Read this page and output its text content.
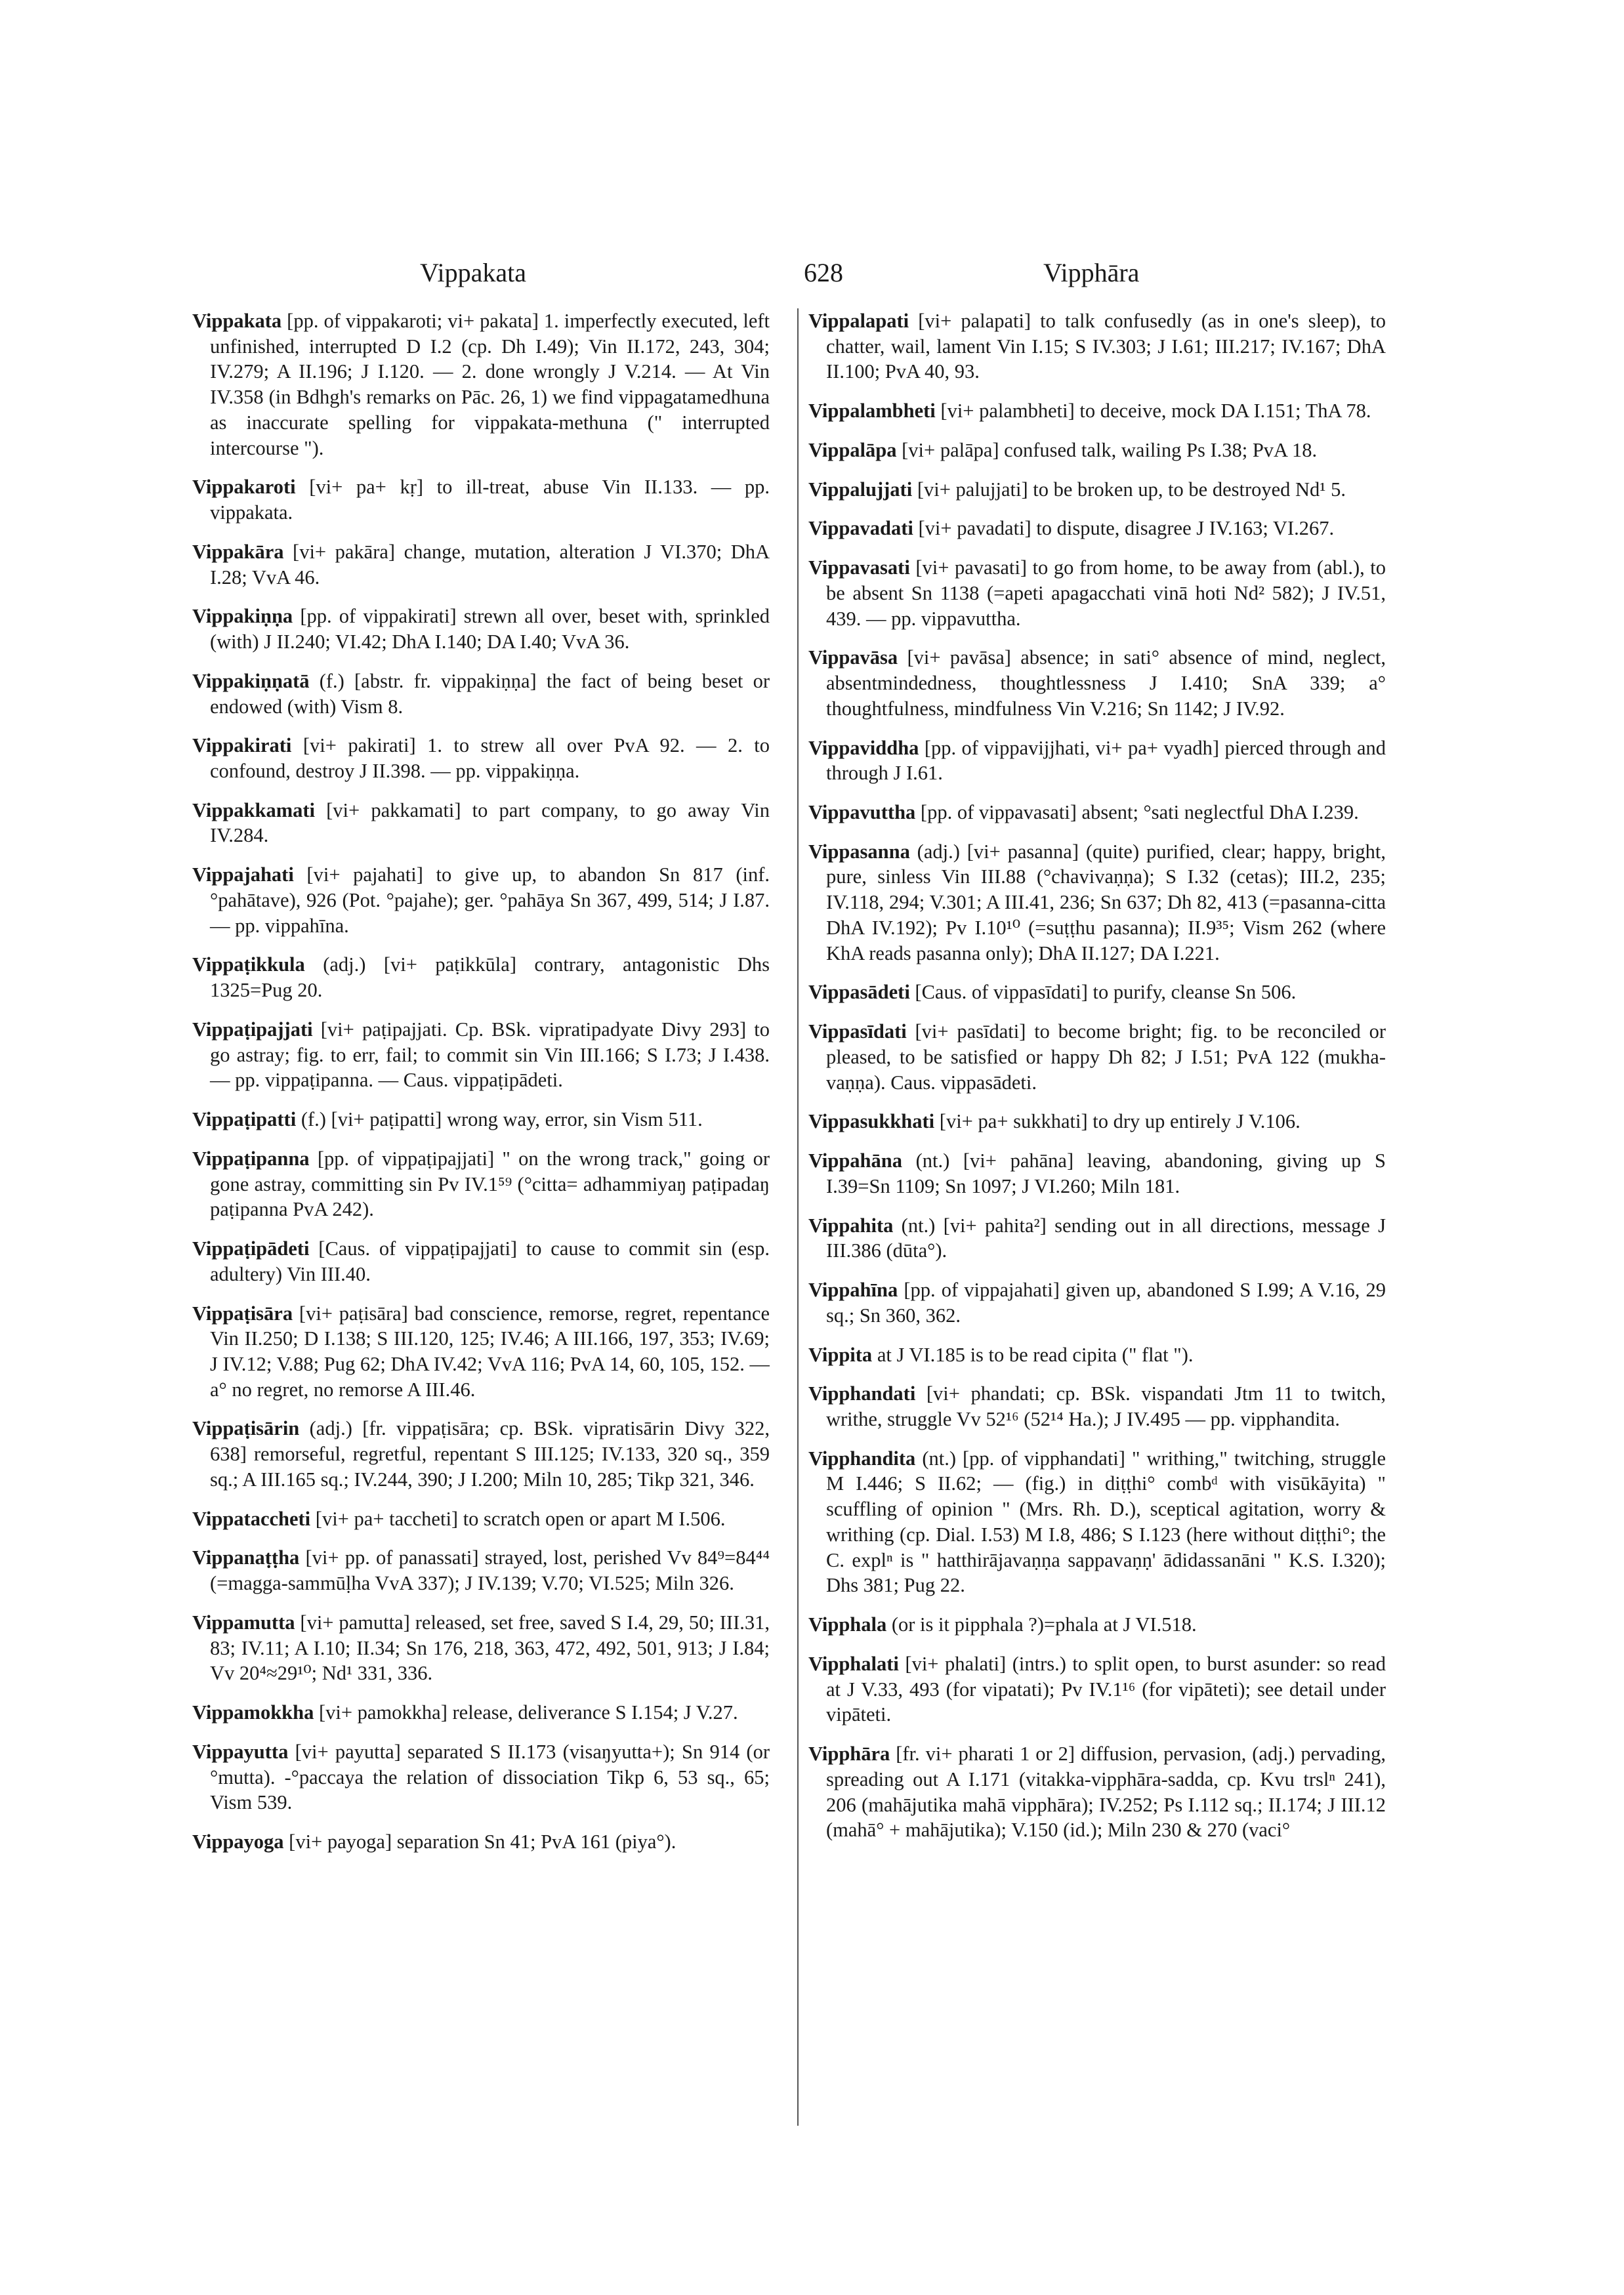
Vippakata	628	Vipphāra

Vippakata [pp. of vippakaroti; vi+ pakata] 1. imperfectly executed, left unfinished, interrupted D I.2 (cp. Dh I.49); Vin II.172, 243, 304; IV.279; A II.196; J I.120. — 2. done wrongly J V.214. — At Vin IV.358 (in Bdhgh's remarks on Pāc. 26, 1) we find vippagatamedhuna as inaccurate spelling for vippakata-methuna (" interrupted intercourse ").

Vippakaroti [vi+ pa+ kṛ] to ill-treat, abuse Vin II.133. — pp. vippakata.

Vippakāra [vi+ pakāra] change, mutation, alteration J VI.370; DhA I.28; VvA 46.

Vippakiṇṇa [pp. of vippakirati] strewn all over, beset with, sprinkled (with) J II.240; VI.42; DhA I.140; DA I.40; VvA 36.

Vippakiṇṇatā (f.) [abstr. fr. vippakiṇṇa] the fact of being beset or endowed (with) Vism 8.

Vippakirati [vi+ pakirati] 1. to strew all over PvA 92. — 2. to confound, destroy J II.398. — pp. vippakiṇṇa.

Vippakkamati [vi+ pakkamati] to part company, to go away Vin IV.284.

Vippajahati [vi+ pajahati] to give up, to abandon Sn 817 (inf. °pahātave), 926 (Pot. °pajahe); ger. °pahāya Sn 367, 499, 514; J I.87. — pp. vippahīna.

Vippaṭikkula (adj.) [vi+ paṭikkūla] contrary, antagonistic Dhs 1325=Pug 20.

Vippaṭipajjati [vi+ paṭipajjati. Cp. BSk. vipratipadyate Divy 293] to go astray; fig. to err, fail; to commit sin Vin III.166; S I.73; J I.438. — pp. vippaṭipanna. — Caus. vippaṭipādeti.

Vippaṭipatti (f.) [vi+ paṭipatti] wrong way, error, sin Vism 511.

Vippaṭipanna [pp. of vippaṭipajjati] " on the wrong track," going or gone astray, committing sin Pv IV.1⁵⁹ (°citta= adhammiyaŋ paṭipadaŋ paṭipanna PvA 242).

Vippaṭipādeti [Caus. of vippaṭipajjati] to cause to commit sin (esp. adultery) Vin III.40.

Vippaṭisāra [vi+ paṭisāra] bad conscience, remorse, regret, repentance Vin II.250; D I.138; S III.120, 125; IV.46; A III.166, 197, 353; IV.69; J IV.12; V.88; Pug 62; DhA IV.42; VvA 116; PvA 14, 60, 105, 152. — a° no regret, no remorse A III.46.

Vippaṭisārin (adj.) [fr. vippaṭisāra; cp. BSk. vipratisārin Divy 322, 638] remorseful, regretful, repentant S III.125; IV.133, 320 sq., 359 sq.; A III.165 sq.; IV.244, 390; J I.200; Miln 10, 285; Tikp 321, 346.

Vippataccheti [vi+ pa+ taccheti] to scratch open or apart M I.506.

Vippanaṭṭha [vi+ pp. of panassati] strayed, lost, perished Vv 84⁹=84⁴⁴ (=magga-sammūḷha VvA 337); J IV.139; V.70; VI.525; Miln 326.

Vippamutta [vi+ pamutta] released, set free, saved S I.4, 29, 50; III.31, 83; IV.11; A I.10; II.34; Sn 176, 218, 363, 472, 492, 501, 913; J I.84; Vv 20⁴≈29¹⁰; Nd¹ 331, 336.

Vippamokkha [vi+ pamokkha] release, deliverance S I.154; J V.27.

Vippayutta [vi+ payutta] separated S II.173 (visaŋyutta+); Sn 914 (or °mutta). -°paccaya the relation of dissociation Tikp 6, 53 sq., 65; Vism 539.

Vippayoga [vi+ payoga] separation Sn 41; PvA 161 (piya°).

Vippalapati [vi+ palapati] to talk confusedly (as in one's sleep), to chatter, wail, lament Vin I.15; S IV.303; J I.61; III.217; IV.167; DhA II.100; PvA 40, 93.

Vippalambheti [vi+ palambheti] to deceive, mock DA I.151; ThA 78.

Vippalāpa [vi+ palāpa] confused talk, wailing Ps I.38; PvA 18.

Vippalujjati [vi+ palujjati] to be broken up, to be destroyed Nd¹ 5.

Vippavadati [vi+ pavadati] to dispute, disagree J IV.163; VI.267.

Vippavasati [vi+ pavasati] to go from home, to be away from (abl.), to be absent Sn 1138 (=apeti apagacchati vinā hoti Nd² 582); J IV.51, 439. — pp. vippavuttha.

Vippavāsa [vi+ pavāsa] absence; in sati° absence of mind, neglect, absentmindedness, thoughtlessness J I.410; SnA 339; a° thoughtfulness, mindfulness Vin V.216; Sn 1142; J IV.92.

Vippaviddha [pp. of vippavijjhati, vi+ pa+ vyadh] pierced through and through J I.61.

Vippavuttha [pp. of vippavasati] absent; °sati neglectful DhA I.239.

Vippasanna (adj.) [vi+ pasanna] (quite) purified, clear; happy, bright, pure, sinless Vin III.88 (°chavivaṇṇa); S I.32 (cetas); III.2, 235; IV.118, 294; V.301; A III.41, 236; Sn 637; Dh 82, 413 (=pasanna-citta DhA IV.192); Pv I.10¹⁰ (=suṭṭhu pasanna); II.9³⁵; Vism 262 (where KhA reads pasanna only); DhA II.127; DA I.221.

Vippasādeti [Caus. of vippasīdati] to purify, cleanse Sn 506.

Vippasīdati [vi+ pasīdati] to become bright; fig. to be reconciled or pleased, to be satisfied or happy Dh 82; J I.51; PvA 122 (mukha-vaṇṇa). Caus. vippasādeti.

Vippasukkhati [vi+ pa+ sukkhati] to dry up entirely J V.106.

Vippahāna (nt.) [vi+ pahāna] leaving, abandoning, giving up S I.39=Sn 1109; Sn 1097; J VI.260; Miln 181.

Vippahita (nt.) [vi+ pahita²] sending out in all directions, message J III.386 (dūta°).

Vippahīna [pp. of vippajahati] given up, abandoned S I.99; A V.16, 29 sq.; Sn 360, 362.

Vippita at J VI.185 is to be read cipita (" flat ").

Vipphandati [vi+ phandati; cp. BSk. vispandati Jtm 11 to twitch, writhe, struggle Vv 52¹⁶ (52¹⁴ Ha.); J IV.495 — pp. vipphandita.

Vipphandita (nt.) [pp. of vipphandati] " writhing," twitching, struggle M I.446; S II.62; — (fig.) in diṭṭhi° combᵈ with visūkāyita) " scuffling of opinion " (Mrs. Rh. D.), sceptical agitation, worry & writhing (cp. Dial. I.53) M I.8, 486; S I.123 (here without diṭṭhi°; the C. explⁿ is " hatthirājavaṇṇa sappavaṇṇ' ādidassanāni " K.S. I.320); Dhs 381; Pug 22.

Vipphala (or is it pipphala ?)=phala at J VI.518.

Vipphalati [vi+ phalati] (intrs.) to split open, to burst asunder: so read at J V.33, 493 (for vipatati); Pv IV.1¹⁶ (for vipāteti); see detail under vipāteti.

Vipphāra [fr. vi+ pharati 1 or 2] diffusion, pervasion, (adj.) pervading, spreading out A I.171 (vitakka-vipphāra-sadda, cp. Kvu trslⁿ 241), 206 (mahājutika mahā vipphāra); IV.252; Ps I.112 sq.; II.174; J III.12 (mahā° + mahājutika); V.150 (id.); Miln 230 & 270 (vaci°
